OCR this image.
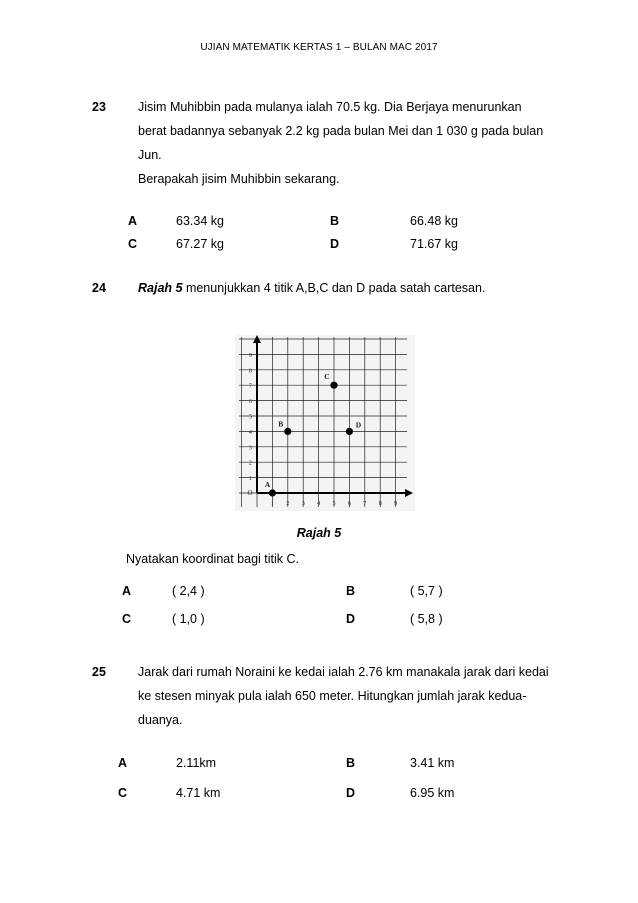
UJIAN MATEMATIK KERTAS 1 – BULAN MAC 2017
23	Jisim Muhibbin pada mulanya ialah 70.5 kg. Dia Berjaya menurunkan
berat badannya sebanyak 2.2 kg pada bulan Mei dan 1 030 g pada bulan
Jun.
Berapakah jisim Muhibbin sekarang.
A	63.34 kg	B	66.48 kg
C	67.27 kg	D	71.67 kg
24	Rajah 5 menunjukkan 4 titik A,B,C dan D pada satah cartesan.
1 2 3 4 5 6 7 8 9
1
2
3
4
5
6
7
8
9
O
A
B
C
D
Rajah 5
Nyatakan koordinat bagi titik C.
A	( 2,4 )	B	( 5,7 )
C	( 1,0 )	D	( 5,8 )
25	Jarak dari rumah Noraini ke kedai ialah 2.76 km manakala jarak dari kedai
ke stesen minyak pula ialah 650 meter. Hitungkan jumlah jarak kedua-
duanya.
A	2.11km	B	3.41 km
C	4.71 km	D	6.95 km
